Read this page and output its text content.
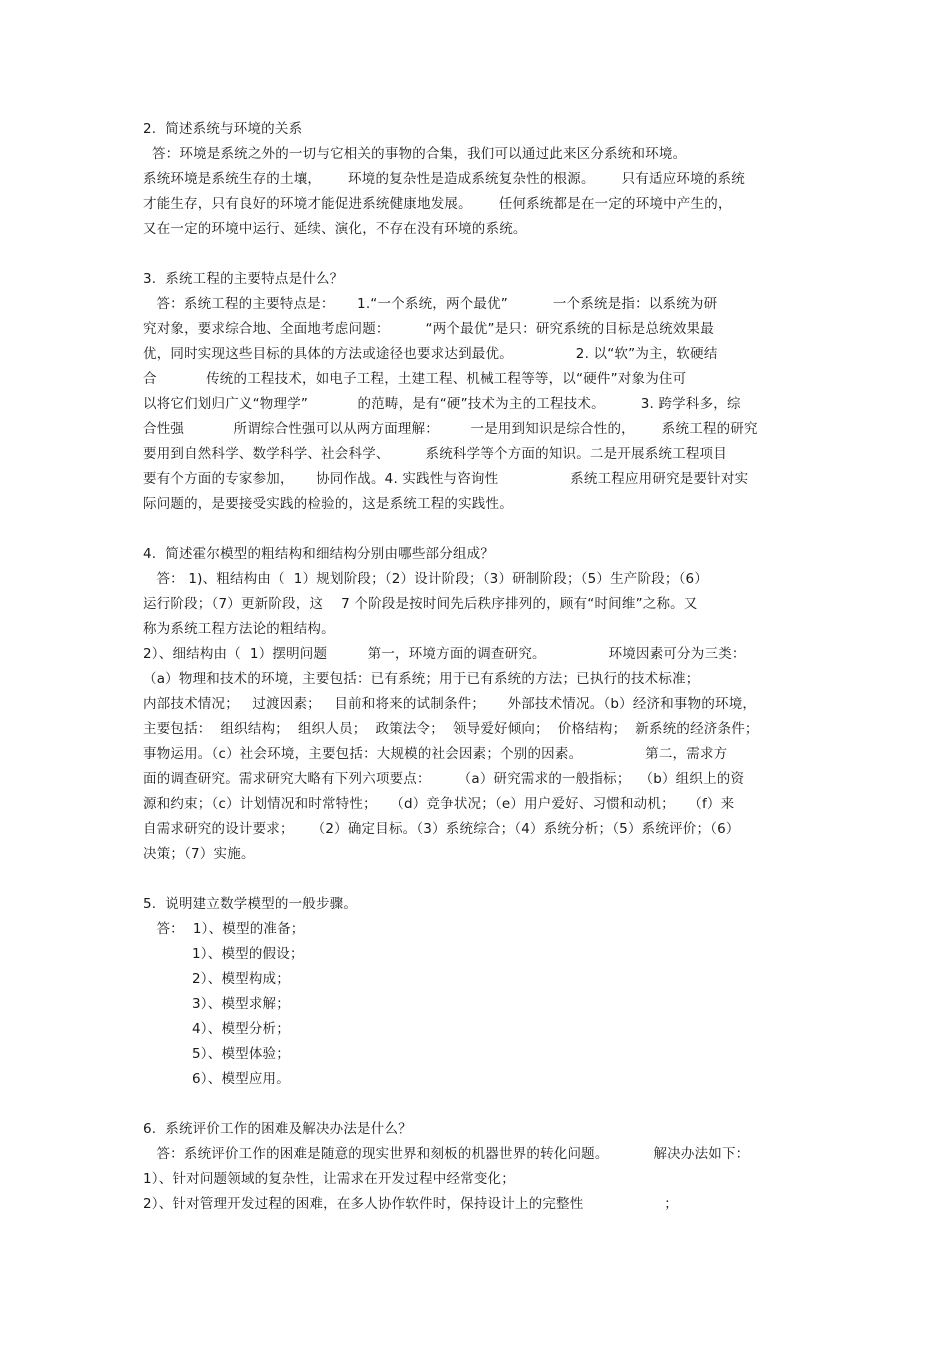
2.  简述系统与环境的关系
答：环境是系统之外的一切与它相关的事物的合集，我们可以通过此来区分系统和环境。
系统环境是系统生存的土壤，      环境的复杂性是造成系统复杂性的根源。      只有适应环境的系统
才能生存，只有良好的环境才能促进系统健康地发展。      任何系统都是在一定的环境中产生的，
又在一定的环境中运行、延续、演化，不存在没有环境的系统。
3.  系统工程的主要特点是什么？
答：系统工程的主要特点是：     1.“一个系统，两个最优”          一个系统是指：以系统为研
究对象，要求综合地、全面地考虑问题：        “两个最优”是只：研究系统的目标是总统效果最
优，同时实现这些目标的具体的方法或途径也要求达到最优。              2. 以“软”为主，软硬结
合           传统的工程技术，如电子工程，土建工程、机械工程等等，以“硬件”对象为住可
以将它们划归广义“物理学”           的范畴，是有“硬”技术为主的工程技术。        3. 跨学科多，综
合性强           所谓综合性强可以从两方面理解：       一是用到知识是综合性的，      系统工程的研究
要用到自然科学、数学科学、社会科学、        系统科学等个方面的知识。二是开展系统工程项目
要有个方面的专家参加，     协同作战。4. 实践性与咨询性                系统工程应用研究是要针对实
际问题的，是要接受实践的检验的，这是系统工程的实践性。
4.  简述霍尔模型的粗结构和细结构分别由哪些部分组成？
答： 1)、粗结构由（  1）规划阶段；（2）设计阶段；（3）研制阶段；（5）生产阶段；（6）
运行阶段；（7）更新阶段，这    7 个阶段是按时间先后秩序排列的，顾有“时间维”之称。又
称为系统工程方法论的粗结构。
2）、细结构由（  1）摆明问题         第一，环境方面的调查研究。              环境因素可分为三类：
（a）物理和技术的环境，主要包括：已有系统；用于已有系统的方法；已执行的技术标准；
内部技术情况；   过渡因素；   目前和将来的试制条件；     外部技术情况。（b）经济和事物的环境，
主要包括：  组织结构；  组织人员；  政策法令；  领导爱好倾向；  价格结构；  新系统的经济条件；
事物运用。（c）社会环境，主要包括：大规模的社会因素；个别的因素。              第二，需求方
面的调查研究。需求研究大略有下列六项要点：      （a）研究需求的一般指标；  （b）组织上的资
源和约束；（c）计划情况和时常特性；   （d）竞争状况；（e）用户爱好、习惯和动机；   （f）来
自需求研究的设计要求；    （2）确定目标。（3）系统综合；（4）系统分析；（5）系统评价；（6）
决策；（7）实施。
5.  说明建立数学模型的一般步骤。
答：  1）、模型的准备；
1）、模型的假设；
2）、模型构成；
3）、模型求解；
4）、模型分析；
5）、模型体验；
6）、模型应用。
6.  系统评价工作的困难及解决办法是什么？
答：系统评价工作的困难是随意的现实世界和刻板的机器世界的转化问题。          解决办法如下：
1）、针对问题领域的复杂性，让需求在开发过程中经常变化；
2）、针对管理开发过程的困难，在多人协作软件时，保持设计上的完整性                  ；
